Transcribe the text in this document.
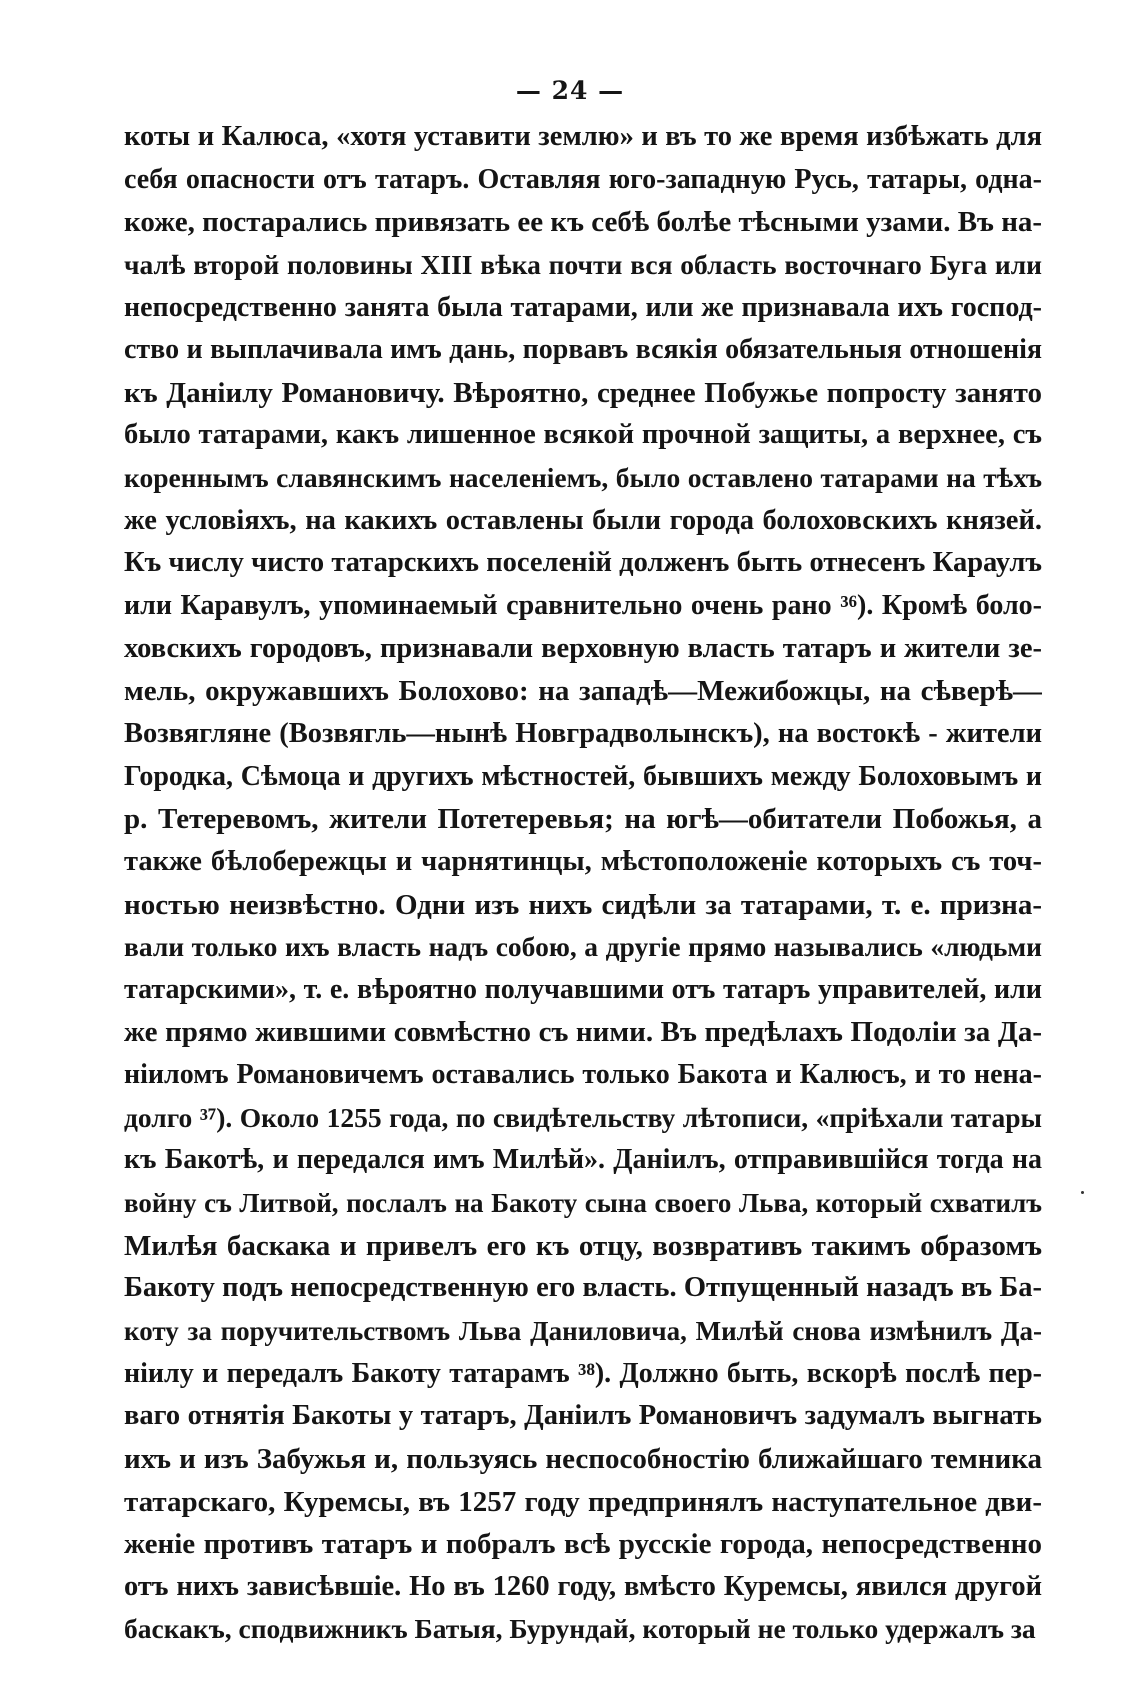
— 24 —
коты и Калюса, «хотя уставити землю» и въ то же время избѣжать для
себя опасности отъ татаръ. Оставляя юго-западную Русь, татары, одна-
коже, постарались привязать ее къ себѣ болѣе тѣсными узами. Въ на-
чалѣ второй половины XIII вѣка почти вся область восточнаго Буга или
непосредственно занята была татарами, или же признавала ихъ господ-
ство и выплачивала имъ дань, порвавъ всякія обязательныя отношенія
къ Даніилу Романовичу. Вѣроятно, среднее Побужье попросту занято
было татарами, какъ лишенное всякой прочной защиты, а верхнее, съ
кореннымъ славянскимъ населеніемъ, было оставлено татарами на тѣхъ
же условіяхъ, на какихъ оставлены были города болоховскихъ князей.
Къ числу чисто татарскихъ поселеній долженъ быть отнесенъ Караулъ
или Каравулъ, упоминаемый сравнительно очень рано ³⁶). Кромѣ боло-
ховскихъ городовъ, признавали верховную власть татаръ и жители зе-
мель, окружавшихъ Болохово: на западѣ—Межибожцы, на сѣверѣ—
Возвягляне (Возвягль—нынѣ Новградволынскъ), на востокѣ - жители
Городка, Сѣмоца и другихъ мѣстностей, бывшихъ между Болоховымъ и
р. Тетеревомъ, жители Потетеревья; на югѣ—обитатели Побожья, а
также бѣлобережцы и чарнятинцы, мѣстоположеніе которыхъ съ точ-
ностью неизвѣстно. Одни изъ нихъ сидѣли за татарами, т. е. призна-
вали только ихъ власть надъ собою, а другіе прямо назывались «людьми
татарскими», т. е. вѣроятно получавшими отъ татаръ управителей, или
же прямо жившими совмѣстно съ ними. Въ предѣлахъ Подоліи за Да-
ніиломъ Романовичемъ оставались только Бакота и Калюсъ, и то нена-
долго ³⁷). Около 1255 года, по свидѣтельству лѣтописи, «пріѣхали татары
къ Бакотѣ, и передался имъ Милѣй». Даніилъ, отправившійся тогда на
войну съ Литвой, послалъ на Бакоту сына своего Льва, который схватилъ
Милѣя баскака и привелъ его къ отцу, возвративъ такимъ образомъ
Бакоту подъ непосредственную его власть. Отпущенный назадъ въ Ба-
коту за поручительствомъ Льва Даниловича, Милѣй снова измѣнилъ Да-
ніилу и передалъ Бакоту татарамъ ³⁸). Должно быть, вскорѣ послѣ пер-
ваго отнятія Бакоты у татаръ, Даніилъ Романовичъ задумалъ выгнать
ихъ и изъ Забужья и, пользуясь неспособностію ближайшаго темника
татарскаго, Куремсы, въ 1257 году предпринялъ наступательное дви-
женіе противъ татаръ и побралъ всѣ русскіе города, непосредственно
отъ нихъ зависѣвшіе. Но въ 1260 году, вмѣсто Куремсы, явился другой
баскакъ, сподвижникъ Батыя, Бурундай, который не только удержалъ за
